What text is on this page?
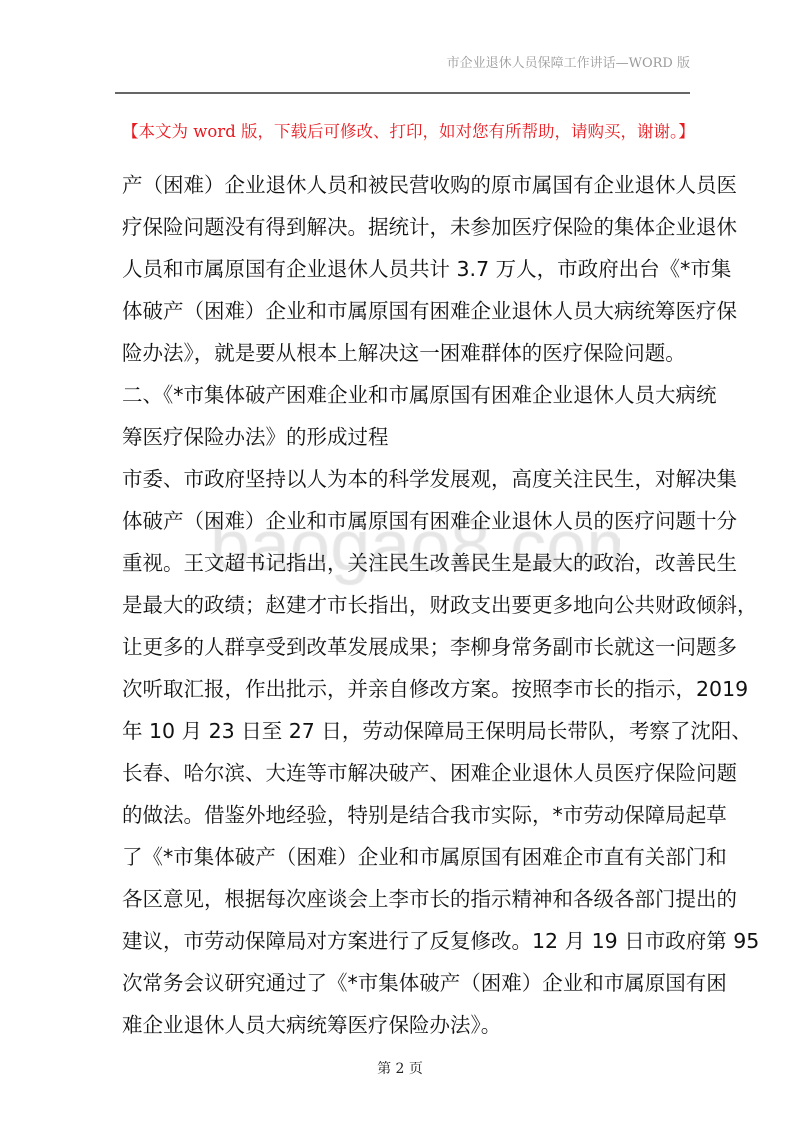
市企业退休人员保障工作讲话—WORD 版
【本文为 word 版，下载后可修改、打印，如对您有所帮助，请购买，谢谢。】
产（困难）企业退休人员和被民营收购的原市属国有企业退休人员医
疗保险问题没有得到解决。据统计，未参加医疗保险的集体企业退休
人员和市属原国有企业退休人员共计 3.7 万人，市政府出台《*市集
体破产（困难）企业和市属原国有困难企业退休人员大病统筹医疗保
险办法》，就是要从根本上解决这一困难群体的医疗保险问题。
二、《*市集体破产困难企业和市属原国有困难企业退休人员大病统
筹医疗保险办法》的形成过程
市委、市政府坚持以人为本的科学发展观，高度关注民生，对解决集
体破产（困难）企业和市属原国有困难企业退休人员的医疗问题十分
重视。王文超书记指出，关注民生改善民生是最大的政治，改善民生
是最大的政绩；赵建才市长指出，财政支出要更多地向公共财政倾斜，
让更多的人群享受到改革发展成果；李柳身常务副市长就这一问题多
次听取汇报，作出批示，并亲自修改方案。按照李市长的指示，2019
年 10 月 23 日至 27 日，劳动保障局王保明局长带队，考察了沈阳、
长春、哈尔滨、大连等市解决破产、困难企业退休人员医疗保险问题
的做法。借鉴外地经验，特别是结合我市实际，*市劳动保障局起草
了《*市集体破产（困难）企业和市属原国有困难企市直有关部门和
各区意见，根据每次座谈会上李市长的指示精神和各级各部门提出的
建议，市劳动保障局对方案进行了反复修改。12 月 19 日市政府第 95
次常务会议研究通过了《*市集体破产（困难）企业和市属原国有困
难企业退休人员大病统筹医疗保险办法》。
第 2 页
